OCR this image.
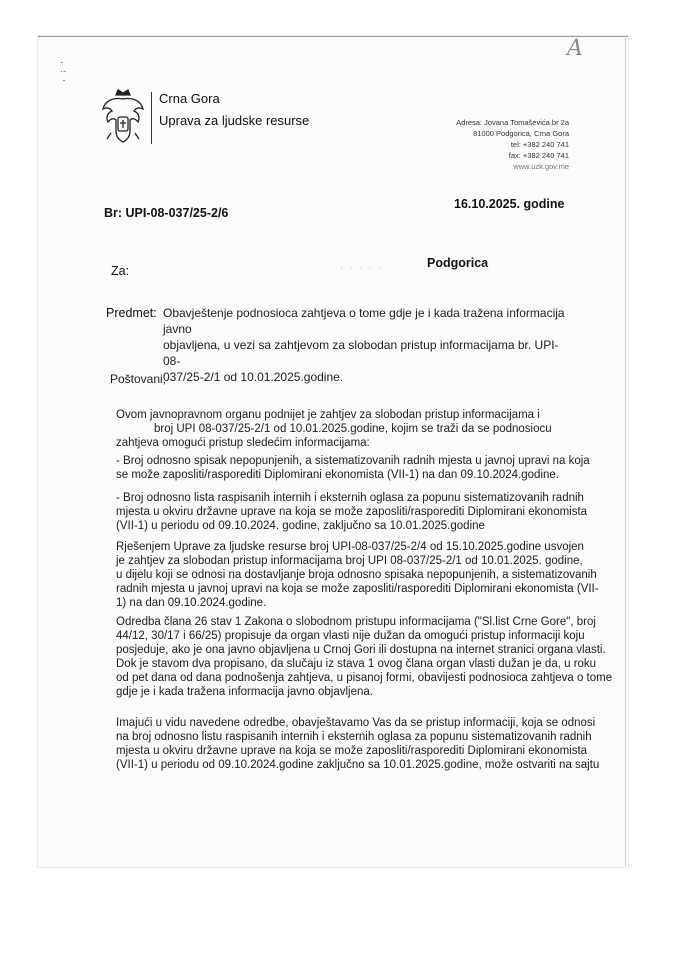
-
·-
-
A
Crna Gora
Uprava za ljudske resurse	Adresa: Jovana Tomaševića br 2a
81000 Podgorica, Crna Gora
tel: +382 240 741
fax: +382 240 741
www.uzk.gov.me
Br: UPI-08-037/25-2/6
16.10.2025. godine
Za:	· · · · ·	Podgorica
Predmet: Obavještenje podnosioca zahtjeva o tome gdje je i kada tražena informacija javno
objavljena, u vezi sa zahtjevom za slobodan pristup informacijama br. UPI-08-
037/25-2/1 od 10.01.2025.godine.
Poštovani,
Ovom javnopravnom organu podnijet je zahtjev za slobodan pristup informacijama i
broj UPI 08-037/25-2/1 od 10.01.2025.godine, kojim se traži da se podnosiocu
zahtjeva omogući pristup sledećim informacijama:
- Broj odnosno spisak nepopunjenih, a sistematizovanih radnih mjesta u javnoj upravi na koja
se može zaposliti/rasporediti Diplomirani ekonomista (VII-1) na dan 09.10.2024.godine.
- Broj odnosno lista raspisanih internih i eksternih oglasa za popunu sistematizovanih radnih
mjesta u okviru državne uprave na koja se može zaposliti/rasporediti Diplomirani ekonomista
(VII-1) u periodu od 09.10.2024. godine, zaključno sa 10.01.2025.godine
Rješenjem Uprave za ljudske resurse broj UPI-08-037/25-2/4 od 15.10.2025.godine usvojen
je zahtjev za slobodan pristup informacijama broj UPI 08-037/25-2/1 od 10.01.2025. godine,
u dijelu koji se odnosi na dostavljanje broja odnosno spisaka nepopunjenih, a sistematizovanih
radnih mjesta u javnoj upravi na koja se može zaposliti/rasporediti Diplomirani ekonomista (VII-
1) na dan 09.10.2024.godine.
Odredba člana 26 stav 1 Zakona o slobodnom pristupu informacijama ("Sl.list Crne Gore", broj
44/12, 30/17 i 66/25) propisuje da organ vlasti nije dužan da omogući pristup informaciji koju
posjeduje, ako je ona javno objavljena u Crnoj Gori ili dostupna na internet stranici organa vlasti.
Dok je stavom dva propisano, da slučaju iz stava 1 ovog člana organ vlasti dužan je da, u roku
od pet dana od dana podnošenja zahtjeva, u pisanoj formi, obavijesti podnosioca zahtjeva o tome
gdje je i kada tražena informacija javno objavljena.
Imajući u vidu navedene odredbe, obavještavamo Vas da se pristup informaciji, koja se odnosi
na broj odnosno listu raspisanih internih i eksternih oglasa za popunu sistematizovanih radnih
mjesta u okviru državne uprave na koja se može zaposliti/rasporediti Diplomirani ekonomista
(VII-1) u periodu od 09.10.2024.godine zaključno sa 10.01.2025.godine, može ostvariti na sajtu
